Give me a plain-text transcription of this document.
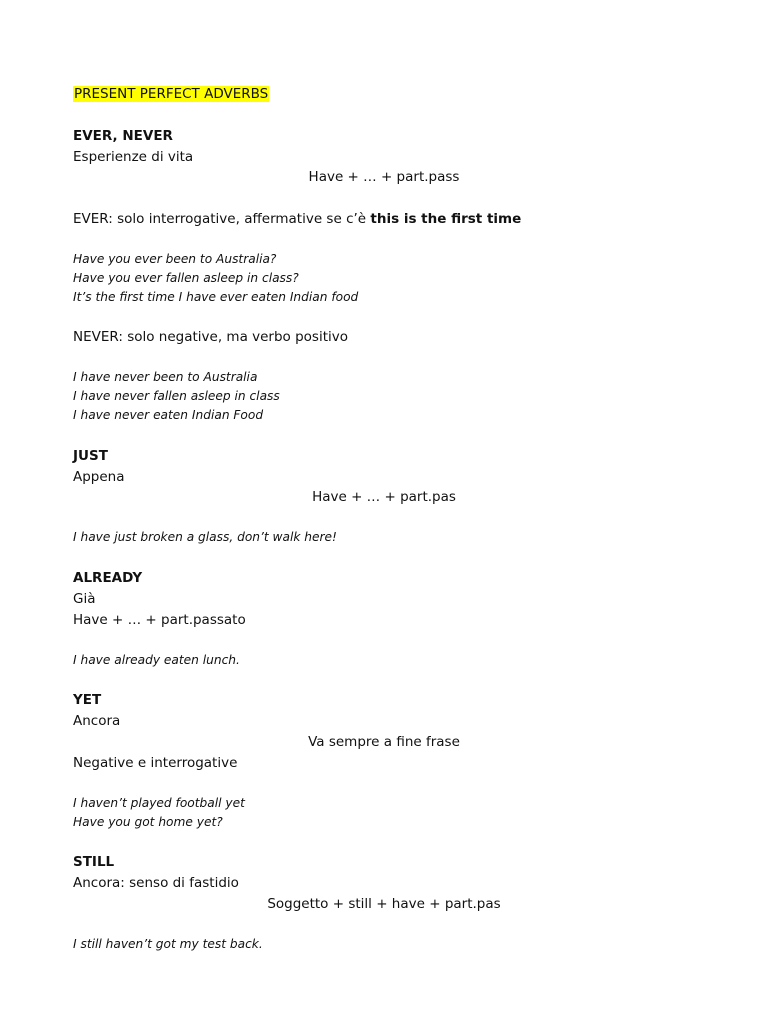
PRESENT PERFECT ADVERBS
EVER, NEVER
Esperienze di vita
Have + … + part.pass
EVER: solo interrogative, affermative se c’è this is the first time
Have you ever been to Australia?
Have you ever fallen asleep in class?
It’s the first time I have ever eaten Indian food
NEVER: solo negative, ma verbo positivo
I have never been to Australia
I have never fallen asleep in class
I have never eaten Indian Food
JUST
Appena
Have + … + part.pas
I have just broken a glass, don’t walk here!
ALREADY
Già
Have + … + part.passato
I have already eaten lunch.
YET
Ancora
Va sempre a fine frase
Negative e interrogative
I haven’t played football yet
Have you got home yet?
STILL
Ancora: senso di fastidio
Soggetto + still + have + part.pas
I still haven’t got my test back.
